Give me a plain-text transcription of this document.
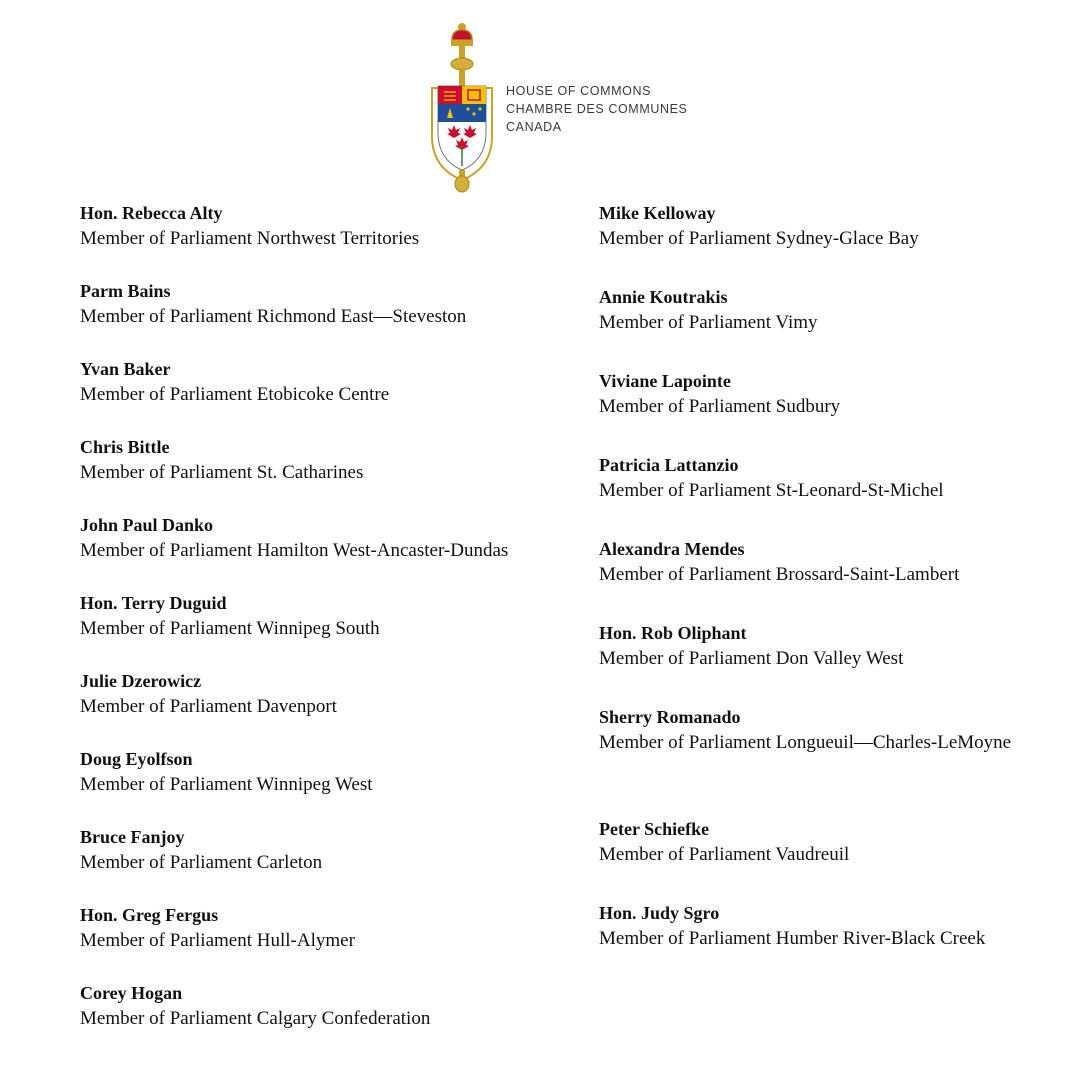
HOUSE OF COMMONS
CHAMBRE DES COMMUNES
CANADA
Hon. Rebecca Alty
Member of Parliament Northwest Territories
Parm Bains
Member of Parliament Richmond East—Steveston
Yvan Baker
Member of Parliament Etobicoke Centre
Chris Bittle
Member of Parliament St. Catharines
John Paul Danko
Member of Parliament Hamilton West-Ancaster-Dundas
Hon. Terry Duguid
Member of Parliament Winnipeg South
Julie Dzerowicz
Member of Parliament Davenport
Doug Eyolfson
Member of Parliament Winnipeg West
Bruce Fanjoy
Member of Parliament Carleton
Hon. Greg Fergus
Member of Parliament Hull-Alymer
Corey Hogan
Member of Parliament Calgary Confederation
Mike Kelloway
Member of Parliament Sydney-Glace Bay
Annie Koutrakis
Member of Parliament Vimy
Viviane Lapointe
Member of Parliament Sudbury
Patricia Lattanzio
Member of Parliament St-Leonard-St-Michel
Alexandra Mendes
Member of Parliament Brossard-Saint-Lambert
Hon. Rob Oliphant
Member of Parliament Don Valley West
Sherry Romanado
Member of Parliament Longueuil—Charles-LeMoyne
Peter Schiefke
Member of Parliament Vaudreuil
Hon. Judy Sgro
Member of Parliament Humber River-Black Creek
